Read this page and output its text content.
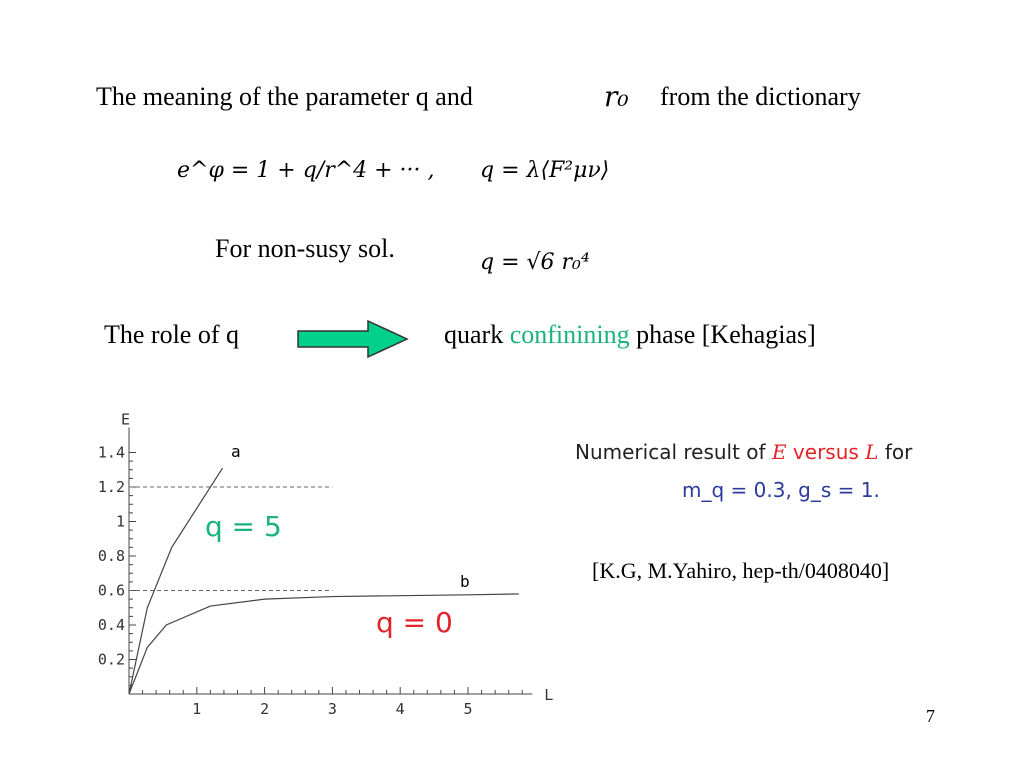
The meaning of the parameter q and	r₀ from the dictionary
e^φ = 1 + q/r^4 + ··· , q = λ⟨F²μν⟩
For non-susy sol.	q = √6 r₀⁴
The role of q	quark confinining phase [Kehagias]
1	2	3	4	5
0.2
0.4
0.6
0.8
1
1.2
1.4
L
E
a
b
q = 5
q = 0
Numerical result of E versus L for
m_q = 0.3, g_s = 1.
[K.G, M.Yahiro, hep-th/0408040]
7
